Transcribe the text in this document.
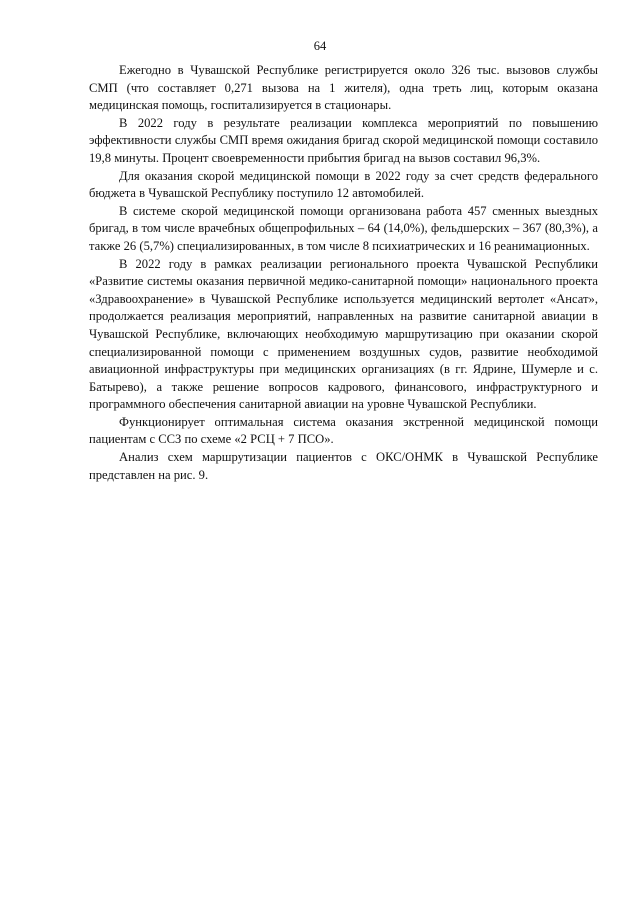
64

Ежегодно в Чувашской Республике регистрируется около 326 тыс. вызовов службы СМП (что составляет 0,271 вызова на 1 жителя), одна треть лиц, которым оказана медицинская помощь, госпитализируется в стационары.

В 2022 году в результате реализации комплекса мероприятий по повышению эффективности службы СМП время ожидания бригад скорой медицинской помощи составило 19,8 минуты. Процент своевременности прибытия бригад на вызов составил 96,3%.

Для оказания скорой медицинской помощи в 2022 году за счет средств федерального бюджета в Чувашской Республику поступило 12 автомобилей.

В системе скорой медицинской помощи организована работа 457 сменных выездных бригад, в том числе врачебных общепрофильных – 64 (14,0%), фельдшерских – 367 (80,3%), а также 26 (5,7%) специализированных, в том числе 8 психиатрических и 16 реанимационных.

В 2022 году в рамках реализации регионального проекта Чувашской Республики «Развитие системы оказания первичной медико-санитарной помощи» национального проекта «Здравоохранение» в Чувашской Республике используется медицинский вертолет «Ансат», продолжается реализация мероприятий, направленных на развитие санитарной авиации в Чувашской Республике, включающих необходимую маршрутизацию при оказании скорой специализированной помощи с применением воздушных судов, развитие необходимой авиационной инфраструктуры при медицинских организациях (в гг. Ядрине, Шумерле и с. Батырево), а также решение вопросов кадрового, финансового, инфраструктурного и программного обеспечения санитарной авиации на уровне Чувашской Республики.

Функционирует оптимальная система оказания экстренной медицинской помощи пациентам с ССЗ по схеме «2 РСЦ + 7 ПСО».

Анализ схем маршрутизации пациентов с ОКС/ОНМК в Чувашской Республике представлен на рис. 9.
